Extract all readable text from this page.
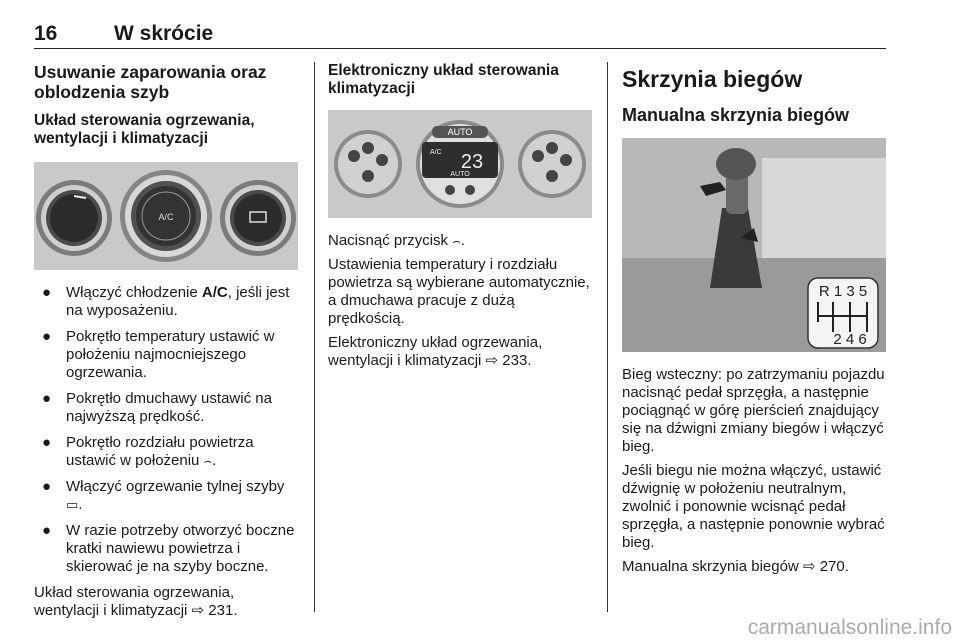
16	W skrócie
Usuwanie zaparowania oraz oblodzenia szyb
Układ sterowania ogrzewania, wentylacji i klimatyzacji
A/C
● Włączyć chłodzenie A/C, jeśli jest na wyposażeniu.
● Pokrętło temperatury ustawić w położeniu najmocniejszego ogrzewania.
● Pokrętło dmuchawy ustawić na najwyższą prędkość.
● Pokrętło rozdziału powietrza ustawić w położeniu ⌢.
● Włączyć ogrzewanie tylnej szyby
▭.
● W razie potrzeby otworzyć boczne kratki nawiewu powietrza i skierować je na szyby boczne.

Układ sterowania ogrzewania, wentylacji i klimatyzacji ⇨ 231.

Elektroniczny układ sterowania klimatyzacji
AUTO
A/C 23
AUTO

Nacisnąć przycisk ⌢.

Ustawienia temperatury i rozdziału powietrza są wybierane automatycznie, a dmuchawa pracuje z dużą prędkością.

Elektroniczny układ ogrzewania, wentylacji i klimatyzacji ⇨ 233.

Skrzynia biegów
Manualna skrzynia biegów
R 1 3 5
2 4 6

Bieg wsteczny: po zatrzymaniu pojazdu nacisnąć pedał sprzęgła, a następnie pociągnąć w górę pierścień znajdujący się na dźwigni zmiany biegów i włączyć bieg.

Jeśli biegu nie można włączyć, ustawić dźwignię w położeniu neutralnym, zwolnić i ponownie wcisnąć pedał sprzęgła, a następnie ponownie wybrać bieg.

Manualna skrzynia biegów ⇨ 270.

carmanualsonline.info
